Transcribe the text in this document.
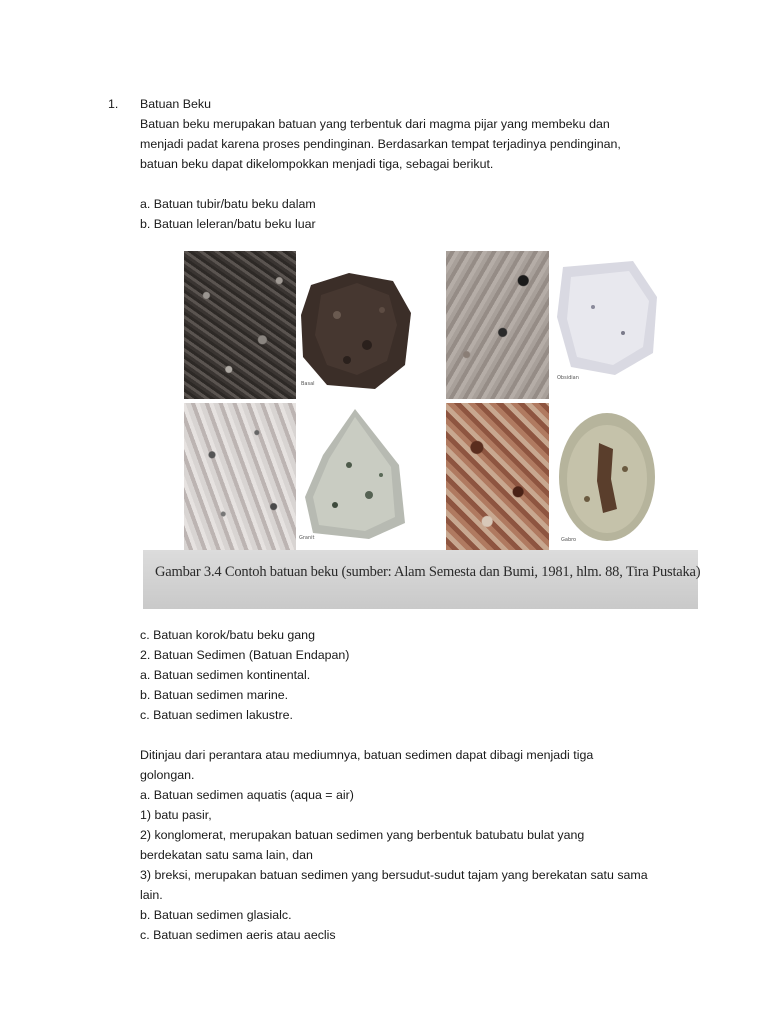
1. Batuan Beku
Batuan beku merupakan batuan yang terbentuk dari magma pijar yang membeku dan
menjadi padat karena proses pendinginan. Berdasarkan tempat terjadinya pendinginan,
batuan beku dapat dikelompokkan menjadi tiga, sebagai berikut.
a. Batuan tubir/batu beku dalam
b. Batuan leleran/batu beku luar
Basal
Obsidian
Granit	Gabro
Gambar 3.4 Contoh batuan beku (sumber: Alam Semesta dan Bumi, 1981, hlm. 88, Tira Pustaka)
c. Batuan korok/batu beku gang
2. Batuan Sedimen (Batuan Endapan)
a. Batuan sedimen kontinental.
b. Batuan sedimen marine.
c. Batuan sedimen lakustre.
Ditinjau dari perantara atau mediumnya, batuan sedimen dapat dibagi menjadi tiga
golongan.
a. Batuan sedimen aquatis (aqua = air)
1) batu pasir,
2) konglomerat, merupakan batuan sedimen yang berbentuk batubatu bulat yang
berdekatan satu sama lain, dan
3) breksi, merupakan batuan sedimen yang bersudut-sudut tajam yang berekatan satu sama
lain.
b. Batuan sedimen glasialc.
c. Batuan sedimen aeris atau aeclis
